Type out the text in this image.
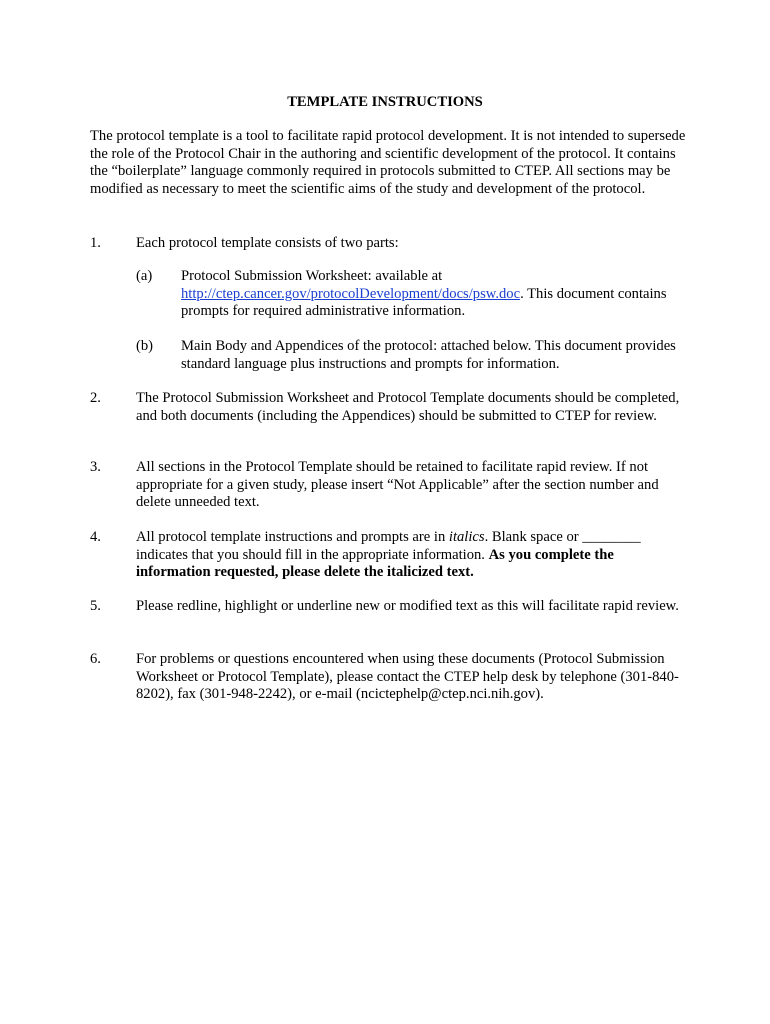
TEMPLATE INSTRUCTIONS
The protocol template is a tool to facilitate rapid protocol development. It is not intended to supersede the role of the Protocol Chair in the authoring and scientific development of the protocol. It contains the “boilerplate” language commonly required in protocols submitted to CTEP. All sections may be modified as necessary to meet the scientific aims of the study and development of the protocol.
1. Each protocol template consists of two parts:
(a) Protocol Submission Worksheet: available at
http://ctep.cancer.gov/protocolDevelopment/docs/psw.doc. This document contains prompts for required administrative information.
(b) Main Body and Appendices of the protocol: attached below. This document provides standard language plus instructions and prompts for information.
2. The Protocol Submission Worksheet and Protocol Template documents should be completed, and both documents (including the Appendices) should be submitted to CTEP for review.
3. All sections in the Protocol Template should be retained to facilitate rapid review. If not appropriate for a given study, please insert “Not Applicable” after the section number and delete unneeded text.
4. All protocol template instructions and prompts are in italics. Blank space or ________ indicates that you should fill in the appropriate information. As you complete the information requested, please delete the italicized text.
5. Please redline, highlight or underline new or modified text as this will facilitate rapid review.
6. For problems or questions encountered when using these documents (Protocol Submission Worksheet or Protocol Template), please contact the CTEP help desk by telephone (301-840-8202), fax (301-948-2242), or e-mail (ncictephelp@ctep.nci.nih.gov).
